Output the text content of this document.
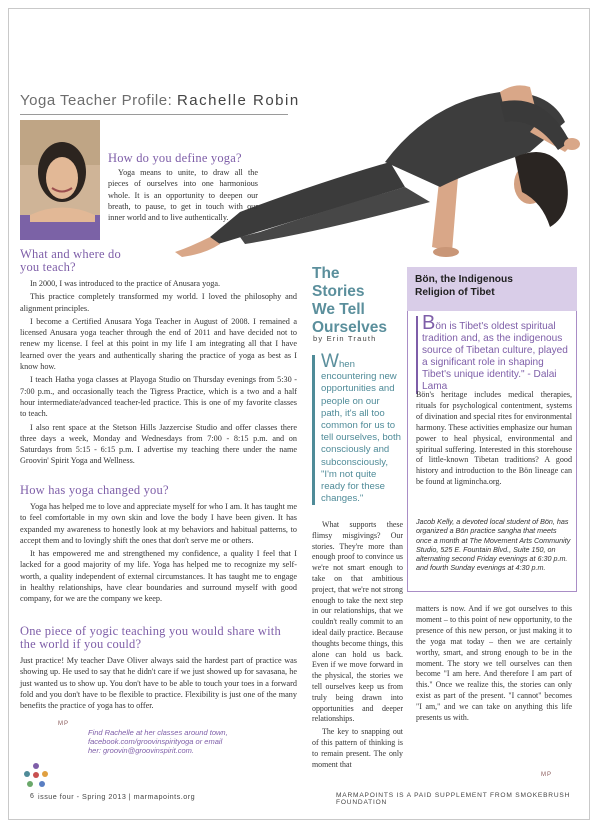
Yoga Teacher Profile: Rachelle Robin
How do you define yoga?

Yoga means to unite, to draw all the pieces of ourselves into one harmonious whole. It is an opportunity to deepen our breath, to pause, to get in touch with our inner world and to live authentically.

What and where do you teach?

In 2000, I was introduced to the practice of Anusara yoga.

This practice completely transformed my world. I loved the philosophy and alignment principles.

I become a Certified Anusara Yoga Teacher in August of 2008. I remained a licensed Anusara yoga teacher through the end of 2011 and have decided not to renew my license. I feel at this point in my life I am integrating all that I have learned over the years and authentically sharing the practice of yoga as best as I know how.

I teach Hatha yoga classes at Playoga Studio on Thursday evenings from 5:30 - 7:00 p.m., and occasionally teach the Tigress Practice, which is a two and a half hour intermediate/advanced teacher-led practice. This is one of my favorite classes to teach.

I also rent space at the Stetson Hills Jazzercise Studio and offer classes there three days a week, Monday and Wednesdays from 7:00 - 8:15 p.m. and on Saturdays from 5:15 - 6:15 p.m. I advertise my teaching there under the name Groovin' Spirit Yoga and Wellness.

How has yoga changed you?

Yoga has helped me to love and appreciate myself for who I am. It has taught me to feel comfortable in my own skin and love the body I have been given. It has expanded my awareness to honestly look at my behaviors and habitual patterns, to accept them and to lovingly shift the ones that don't serve me or others.

It has empowered me and strengthened my confidence, a quality I feel that I lacked for a good majority of my life. Yoga has helped me to recognize my self-worth, a quality independent of external circumstances. It has taught me to engage in healthy relationships, have clear boundaries and surround myself with good company, for we are the company we keep.

One piece of yogic teaching you would share with the world if you could?

Just practice! My teacher Dave Oliver always said the hardest part of practice was showing up. He used to say that he didn't care if we just showed up for savasana, he just wanted us to show up. You don't have to be able to touch your toes in a forward fold and you don't have to be flexible to practice. Flexibility is just one of the many benefits the practice of yoga has to offer.

MP
Find Rachelle at her classes around town,
facebook.com/groovinspirityoga or email
her: groovin@groovinspirit.com.
The
Stories
We Tell
Ourselves
by Erin Trauth
When encountering new opportunities and people on our path, it's all too common for us to tell ourselves, both consciously and subconsciously, "I'm not quite ready for these changes."

What supports these flimsy misgivings? Our stories. They're more than enough proof to convince us we're not smart enough to take on that ambitious project, that we're not strong enough to take the next step in our relationships, that we couldn't really commit to an ideal daily practice. Because thoughts become things, this alone can hold us back. Even if we move forward in the physical, the stories we tell ourselves keep us from truly being drawn into opportunities and deeper relationships.

The key to snapping out of this pattern of thinking is to remain present. The only moment that

matters is now. And if we got ourselves to this moment – to this point of new opportunity, to the presence of this new person, or just making it to the yoga mat today – then we are certainly worthy, smart, and strong enough to be in the moment. The story we tell ourselves can then become "I am here. And therefore I am part of this." Once we realize this, the stories can only exist as part of the present. "I cannot" becomes "I am," and we can take on anything this life presents us with.

MP
Bön, the Indigenous
Religion of Tibet
Bön is Tibet's oldest spiritual tradition and, as the indigenous source of Tibetan culture, played a significant role in shaping Tibet's unique identity." - Dalai Lama
Bön's heritage includes medical therapies, rituals for psychological contentment, systems of divination and special rites for environmental harmony. These activities emphasize our human power to heal physical, environmental and spiritual suffering. Interested in this storehouse of little-known Tibetan traditions? A good history and introduction to the Bön lineage can be found at ligmincha.org.
Jacob Kelly, a devoted local student of Bön, has organized a Bön practice sangha that meets once a month at The Movement Arts Community Studio, 525 E. Fountain Blvd., Suite 150, on alternating second Friday evenings at 6:30 p.m. and fourth Sunday evenings at 4:30 p.m.
6 issue four - Spring 2013 | marmapoints.org	MARMAPOINTS IS A PAID SUPPLEMENT FROM SMOKEBRUSH FOUNDATION
